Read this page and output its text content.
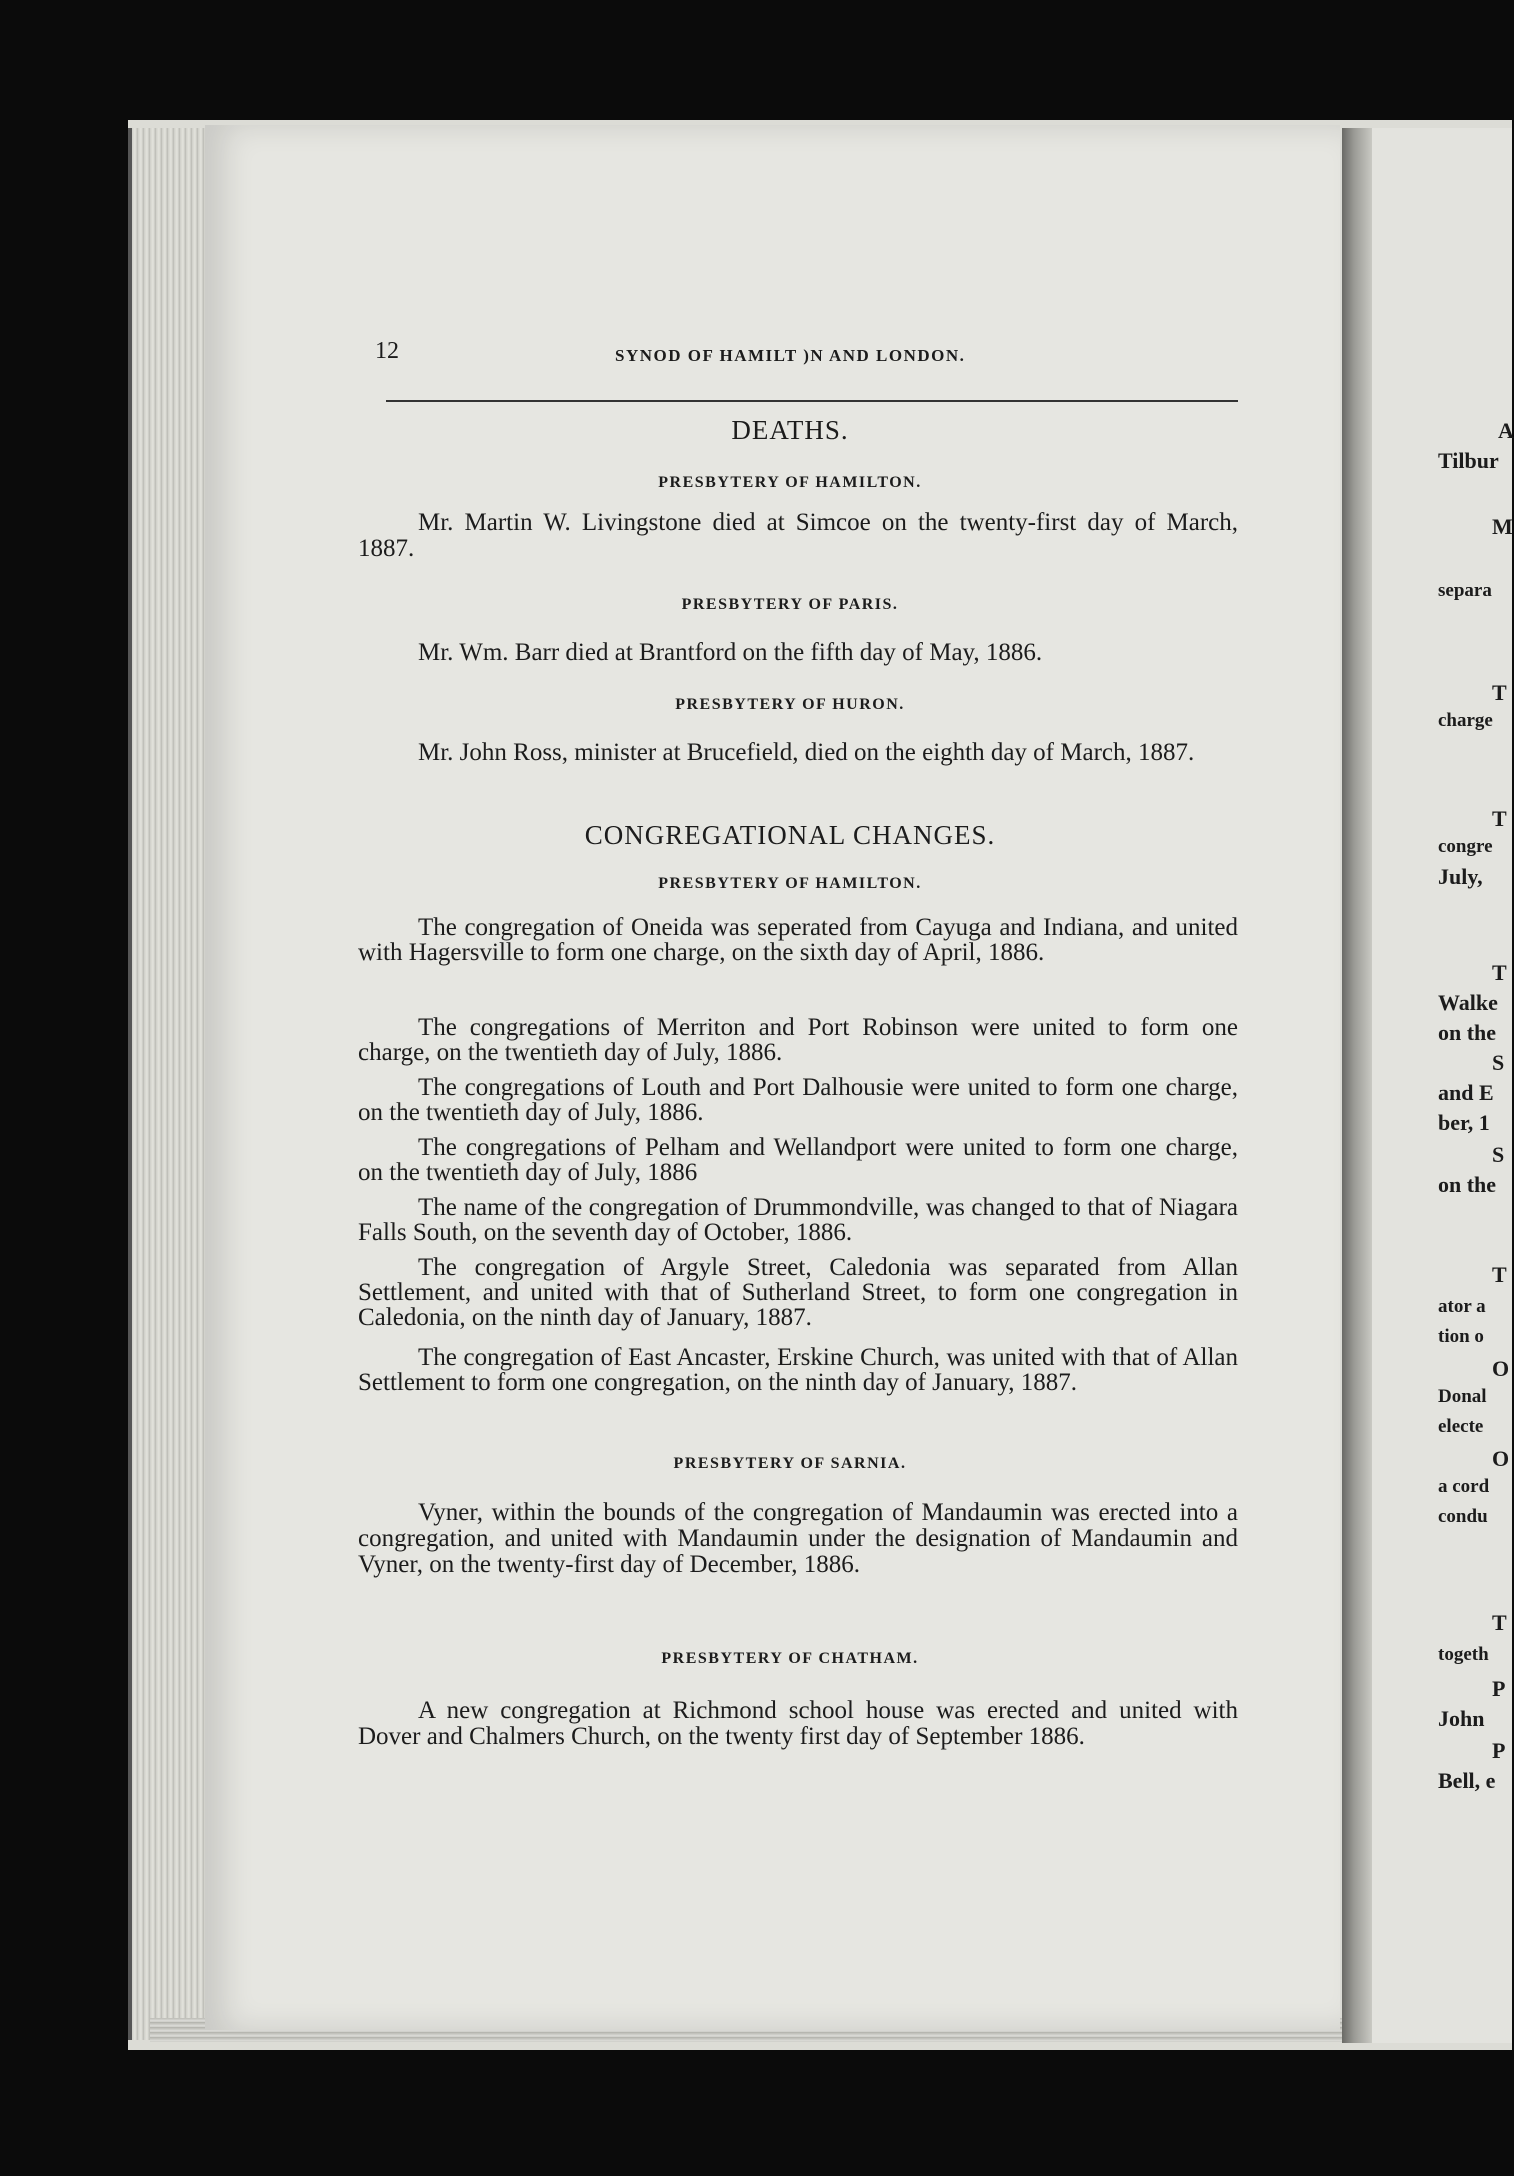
12	SYNOD OF HAMILT )N AND LONDON.
DEATHS.
PRESBYTERY OF HAMILTON.
Mr. Martin W. Livingstone died at Simcoe on the twenty-first day of March, 1887.
PRESBYTERY OF PARIS.
Mr. Wm. Barr died at Brantford on the fifth day of May, 1886.
PRESBYTERY OF HURON.
Mr. John Ross, minister at Brucefield, died on the eighth day of March, 1887.
CONGREGATIONAL CHANGES.
PRESBYTERY OF HAMILTON.
The congregation of Oneida was seperated from Cayuga and Indiana, and united with Hagersville to form one charge, on the sixth day of April, 1886.
The congregations of Merriton and Port Robinson were united to form one charge, on the twentieth day of July, 1886.
The congregations of Louth and Port Dalhousie were united to form one charge, on the twentieth day of July, 1886.
The congregations of Pelham and Wellandport were united to form one charge, on the twentieth day of July, 1886
The name of the congregation of Drummondville, was changed to that of Niagara Falls South, on the seventh day of October, 1886.
The congregation of Argyle Street, Caledonia was separated from Allan Settlement, and united with that of Sutherland Street, to form one congregation in Caledonia, on the ninth day of January, 1887.
The congregation of East Ancaster, Erskine Church, was united with that of Allan Settlement to form one congregation, on the ninth day of January, 1887.
PRESBYTERY OF SARNIA.
Vyner, within the bounds of the congregation of Mandaumin was erected into a congregation, and united with Mandaumin under the designation of Mandaumin and Vyner, on the twenty-first day of December, 1886.
PRESBYTERY OF CHATHAM.
A new congregation at Richmond school house was erected and united with Dover and Chalmers Church, on the twenty first day of September 1886.
A
Tilbur
M
separa
T
charge
T
congre
July,
T
Walke
on the
S
and E
ber, 1
S
on the
T
ator a
tion o
O
Donal
electe
O
a cord
condu
T
togeth
P
John
P
Bell, e
